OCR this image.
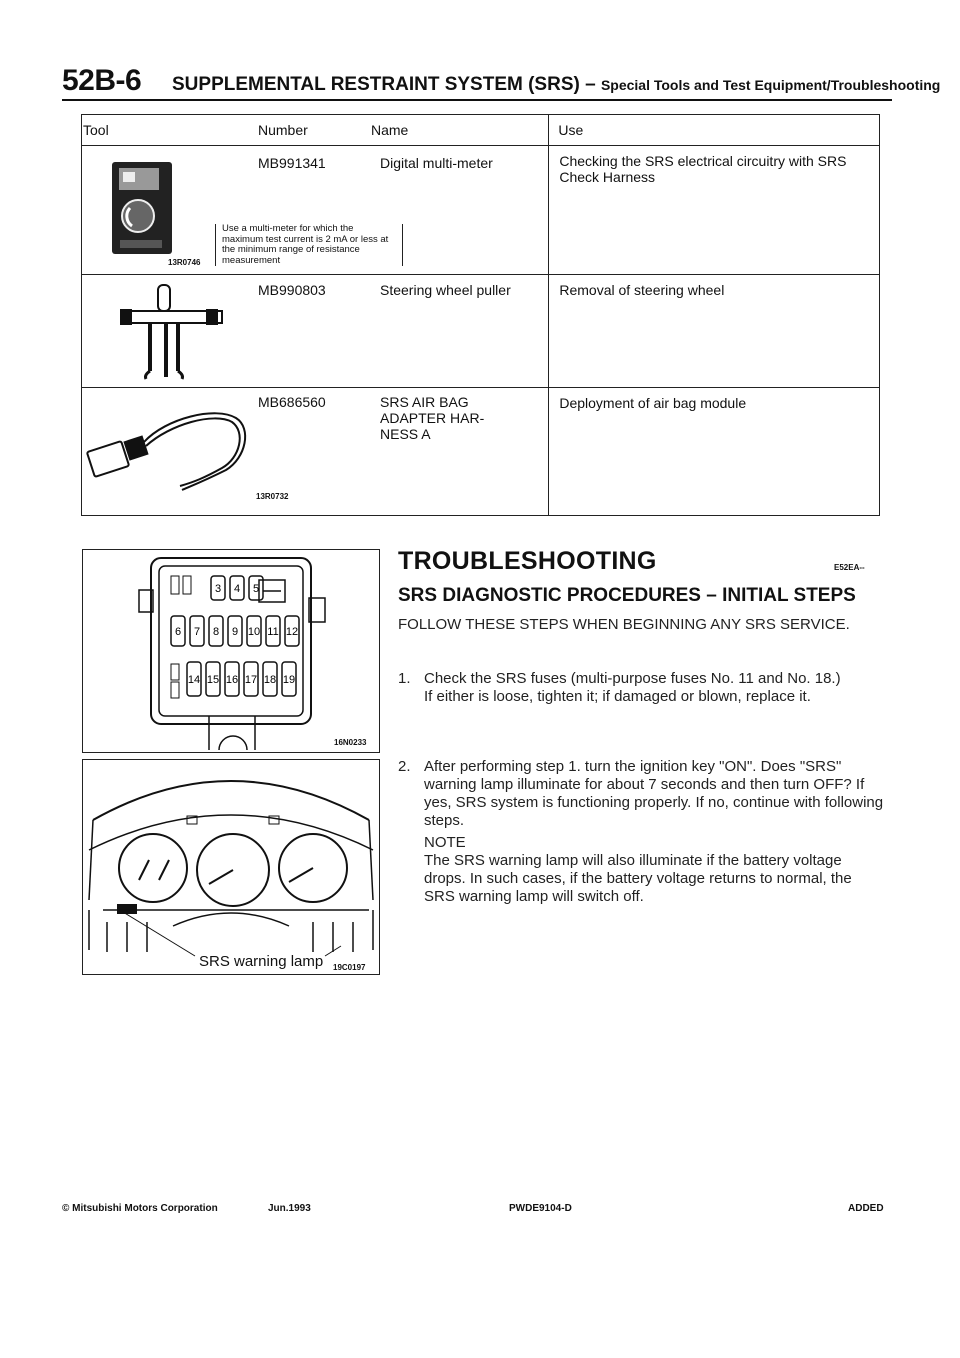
52B-6 SUPPLEMENTAL RESTRAINT SYSTEM (SRS) – Special Tools and Test Equipment/Troubleshooting
Tool Number Name	Use

13R0746
MB991341 Digital multi-meter
Use a multi-meter for which the maximum test current is 2 mA or less at the minimum range of resistance measurement	Checking the SRS electrical circuitry with SRS Check Harness

MB990803 Steering wheel puller	Removal of steering wheel

13R0732
MB686560 SRS AIR BAG
ADAPTER HAR-
NESS A	Deployment of air bag module
3 4 5
6 7 8 9 10 11 12
14 15 16 17 18 19
16N0233
SRS warning lamp 19C0197
TROUBLESHOOTING	E52EA--
SRS DIAGNOSTIC PROCEDURES – INITIAL STEPS

FOLLOW THESE STEPS WHEN BEGINNING ANY SRS SERVICE.

1. Check the SRS fuses (multi-purpose fuses No. 11 and No. 18.)

If either is loose, tighten it; if damaged or blown, replace it.

2. After performing step 1. turn the ignition key "ON". Does "SRS" warning lamp illuminate for about 7 seconds and then turn OFF? If yes, SRS system is functioning properly. If no, continue with following steps.

NOTE

The SRS warning lamp will also illuminate if the battery voltage drops. In such cases, if the battery voltage returns to normal, the SRS warning lamp will switch off.

© Mitsubishi Motors Corporation	Jun.1993	PWDE9104-D	ADDED
